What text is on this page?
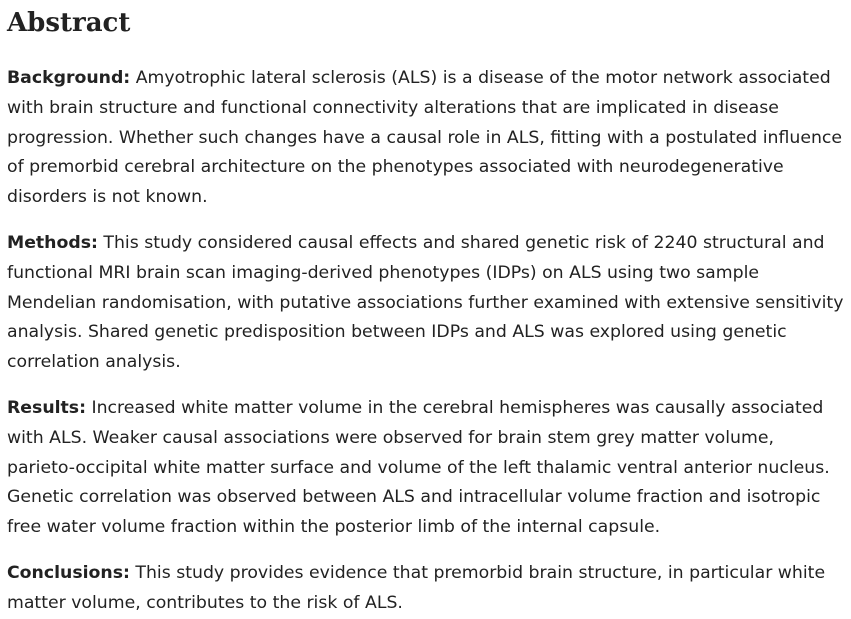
Abstract

Background: Amyotrophic lateral sclerosis (ALS) is a disease of the motor network associated with brain structure and functional connectivity alterations that are implicated in disease progression. Whether such changes have a causal role in ALS, fitting with a postulated influence of premorbid cerebral architecture on the phenotypes associated with neurodegenerative disorders is not known.

Methods: This study considered causal effects and shared genetic risk of 2240 structural and functional MRI brain scan imaging-derived phenotypes (IDPs) on ALS using two sample Mendelian randomisation, with putative associations further examined with extensive sensitivity analysis. Shared genetic predisposition between IDPs and ALS was explored using genetic correlation analysis.

Results: Increased white matter volume in the cerebral hemispheres was causally associated with ALS. Weaker causal associations were observed for brain stem grey matter volume, parieto-occipital white matter surface and volume of the left thalamic ventral anterior nucleus. Genetic correlation was observed between ALS and intracellular volume fraction and isotropic free water volume fraction within the posterior limb of the internal capsule.

Conclusions: This study provides evidence that premorbid brain structure, in particular white matter volume, contributes to the risk of ALS.
